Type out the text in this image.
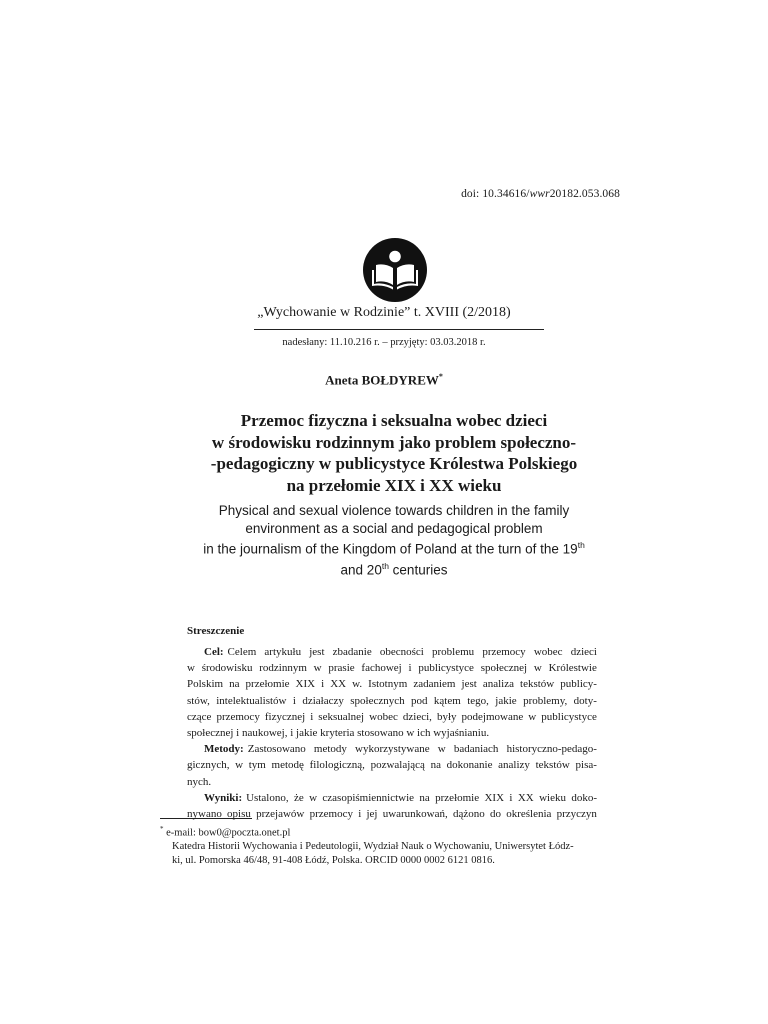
doi: 10.34616/wwr20182.053.068
„Wychowanie w Rodzinie” t. XVIII (2/2018)
nadesłany: 11.10.216 r. – przyjęty: 03.03.2018 r.
Aneta BOŁDYREW*
Przemoc fizyczna i seksualna wobec dzieci
w środowisku rodzinnym jako problem społeczno-
-pedagogiczny w publicystyce Królestwa Polskiego
na przełomie XIX i XX wieku
Physical and sexual violence towards children in the family
environment as a social and pedagogical problem
in the journalism of the Kingdom of Poland at the turn of the 19th
and 20th centuries
Streszczenie
Cel: Celem artykułu jest zbadanie obecności problemu przemocy wobec dzieci
w środowisku rodzinnym w prasie fachowej i publicystyce społecznej w Królestwie
Polskim na przełomie XIX i XX w. Istotnym zadaniem jest analiza tekstów publicy-
stów, intelektualistów i działaczy społecznych pod kątem tego, jakie problemy, doty-
czące przemocy fizycznej i seksualnej wobec dzieci, były podejmowane w publicystyce
społecznej i naukowej, i jakie kryteria stosowano w ich wyjaśnianiu.
Metody: Zastosowano metody wykorzystywane w badaniach historyczno-pedago-
gicznych, w tym metodę filologiczną, pozwalającą na dokonanie analizy tekstów pisa-
nych.
Wyniki: Ustalono, że w czasopiśmiennictwie na przełomie XIX i XX wieku doko-
nywano opisu przejawów przemocy i jej uwarunkowań, dążono do określenia przyczyn
* e-mail: bow0@poczta.onet.pl
Katedra Historii Wychowania i Pedeutologii, Wydział Nauk o Wychowaniu, Uniwersytet Łódz-
ki, ul. Pomorska 46/48, 91-408 Łódź, Polska. ORCID 0000 0002 6121 0816.
